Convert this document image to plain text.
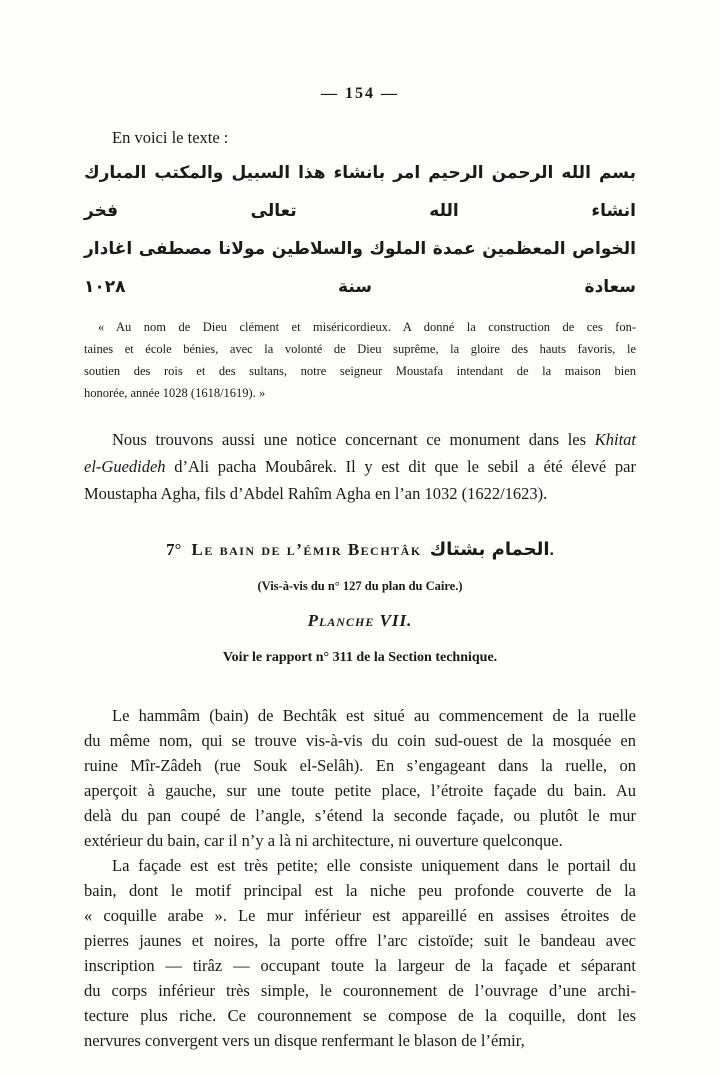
— 154 —

En voici le texte :

بسم الله الرحمن الرحيم امر بانشاء هذا السبيل والمكتب المبارك انشاء الله تعالى فخر
الخواص المعظمين عمدة الملوك والسلاطين مولانا مصطفى اغادار سعادة سنة ١٠٢٨
« Au nom de Dieu clément et miséricordieux. A donné la construction de ces fon-
taines et école bénies, avec la volonté de Dieu suprême, la gloire des hauts favoris, le
soutien des rois et des sultans, notre seigneur Moustafa intendant de la maison bien
honorée, année 1028 (1618/1619). »
Nous trouvons aussi une notice concernant ce monument dans les Khitat
el-Guedideh d’Ali pacha Moubârek. Il y est dit que le sebil a été élevé par
Moustapha Agha, fils d’Abdel Rahîm Agha en l’an 1032 (1622/1623).
7° Le bain de l’émir Bechtâk الحمام بشتاك.
(Vis-à-vis du n° 127 du plan du Caire.)
Planche VII.
Voir le rapport n° 311 de la Section technique.
Le hammâm (bain) de Bechtâk est situé au commencement de la ruelle
du même nom, qui se trouve vis-à-vis du coin sud-ouest de la mosquée en
ruine Mîr-Zâdeh (rue Souk el-Selâh). En s’engageant dans la ruelle, on
aperçoit à gauche, sur une toute petite place, l’étroite façade du bain. Au
delà du pan coupé de l’angle, s’étend la seconde façade, ou plutôt le mur
extérieur du bain, car il n’y a là ni architecture, ni ouverture quelconque.
La façade est est très petite; elle consiste uniquement dans le portail du
bain, dont le motif principal est la niche peu profonde couverte de la
« coquille arabe ». Le mur inférieur est appareillé en assises étroites de
pierres jaunes et noires, la porte offre l’arc cistoïde; suit le bandeau avec
inscription — tirâz — occupant toute la largeur de la façade et séparant
du corps inférieur très simple, le couronnement de l’ouvrage d’une archi-
tecture plus riche. Ce couronnement se compose de la coquille, dont les
nervures convergent vers un disque renfermant le blason de l’émir,
